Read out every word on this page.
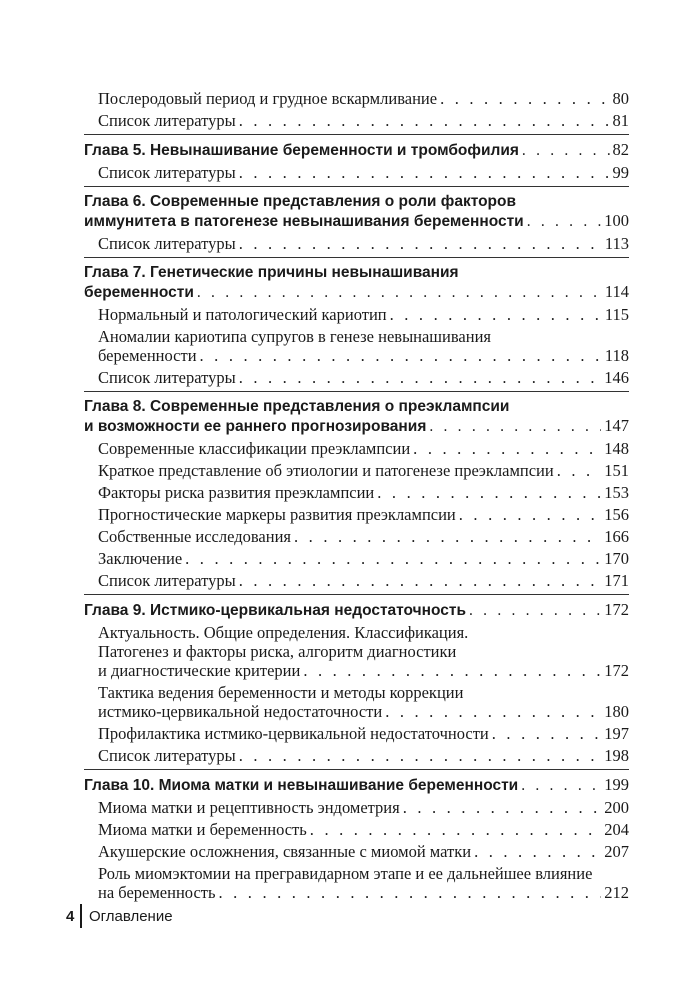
Послеродовый период и грудное вскармливание . . .	80
Список литературы . . .	81
Глава 5. Невынашивание беременности и тромбофилия . . .	82
Список литературы . . .	99
Глава 6. Современные представления о роли факторов
иммунитета в патогенезе невынашивания беременности . . .	100
Список литературы . . .	113
Глава 7. Генетические причины невынашивания
беременности . . .	114
Нормальный и патологический кариотип . . .	115
Аномалии кариотипа супругов в генезе невынашивания
беременности . . .	118
Список литературы . . .	146
Глава 8. Современные представления о преэклампсии
и возможности ее раннего прогнозирования . . .	147
Современные классификации преэклампсии . . .	148
Краткое представление об этиологии и патогенезе преэклампсии . . .	151
Факторы риска развития преэклампсии . . .	153
Прогностические маркеры развития преэклампсии . . .	156
Собственные исследования . . .	166
Заключение . . .	170
Список литературы . . .	171
Глава 9. Истмико-цервикальная недостаточность . . .	172
Актуальность. Общие определения. Классификация.
Патогенез и факторы риска, алгоритм диагностики
и диагностические критерии . . .	172
Тактика ведения беременности и методы коррекции
истмико-цервикальной недостаточности . . .	180
Профилактика истмико-цервикальной недостаточности . . .	197
Список литературы . . .	198
Глава 10. Миома матки и невынашивание беременности . . .	199
Миома матки и рецептивность эндометрия . . .	200
Миома матки и беременность . . .	204
Акушерские осложнения, связанные с миомой матки . . .	207
Роль миомэктомии на прегравидарном этапе и ее дальнейшее влияние
на беременность . . .	212
4 Оглавление
